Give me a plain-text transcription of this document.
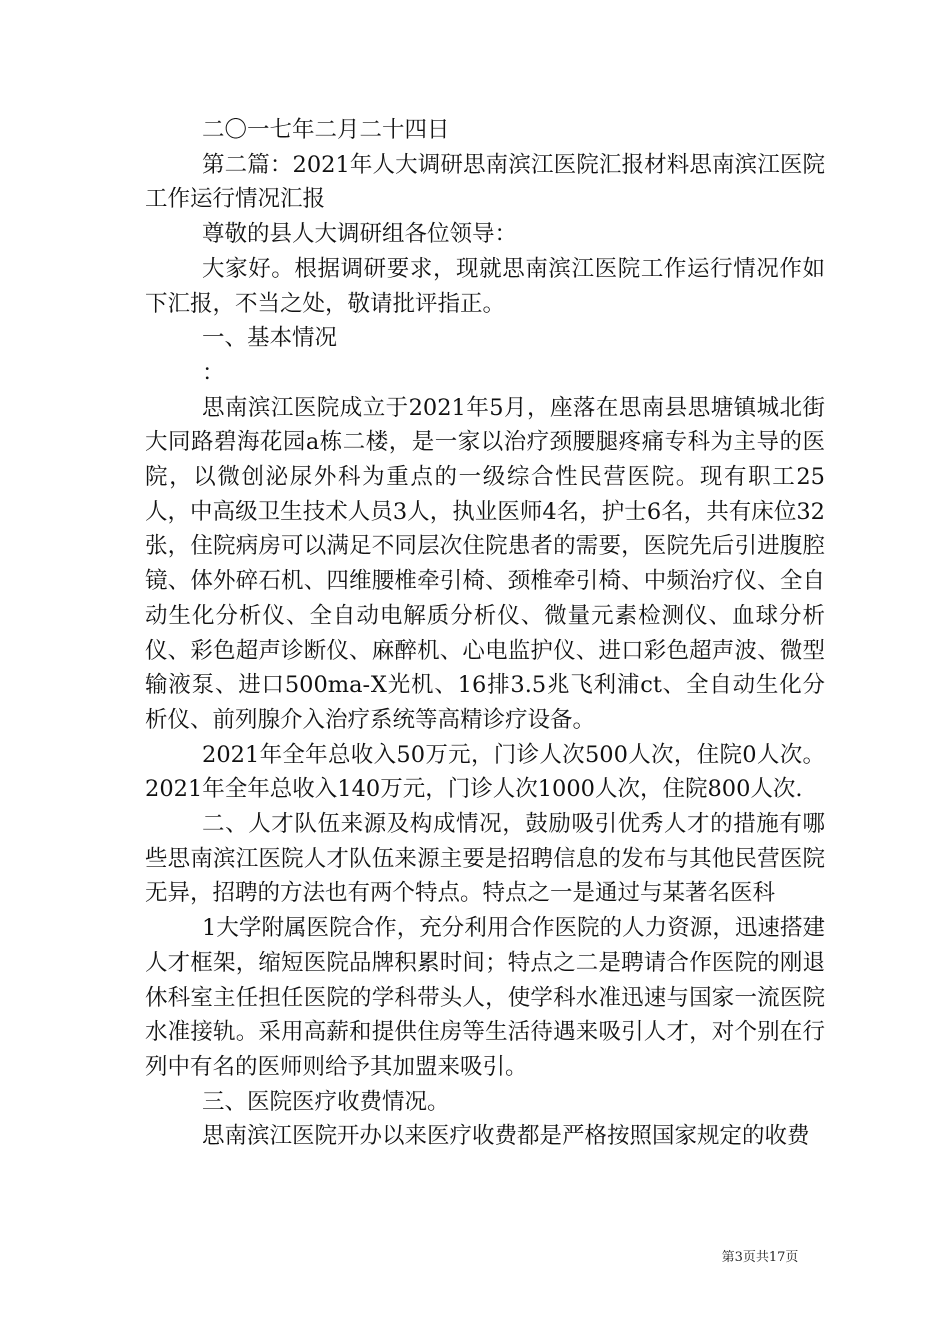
二〇一七年二月二十四日

第二篇：2021年人大调研思南滨江医院汇报材料思南滨江医院工作运行情况汇报

尊敬的县人大调研组各位领导：

大家好。根据调研要求，现就思南滨江医院工作运行情况作如下汇报，不当之处，敬请批评指正。

一、基本情况

：

思南滨江医院成立于2021年5月，座落在思南县思塘镇城北街大同路碧海花园a栋二楼，是一家以治疗颈腰腿疼痛专科为主导的医院，以微创泌尿外科为重点的一级综合性民营医院。现有职工25人，中高级卫生技术人员3人，执业医师4名，护士6名，共有床位32张，住院病房可以满足不同层次住院患者的需要，医院先后引进腹腔镜、体外碎石机、四维腰椎牵引椅、颈椎牵引椅、中频治疗仪、全自动生化分析仪、全自动电解质分析仪、微量元素检测仪、血球分析仪、彩色超声诊断仪、麻醉机、心电监护仪、进口彩色超声波、微型输液泵、进口500ma-Ⅹ光机、16排3.5兆飞利浦ct、全自动生化分析仪、前列腺介入治疗系统等高精诊疗设备。

2021年全年总收入50万元，门诊人次500人次，住院0人次。2021年全年总收入140万元，门诊人次1000人次，住院800人次.

二、人才队伍来源及构成情况，鼓励吸引优秀人才的措施有哪些思南滨江医院人才队伍来源主要是招聘信息的发布与其他民营医院无异，招聘的方法也有两个特点。特点之一是通过与某著名医科

1大学附属医院合作，充分利用合作医院的人力资源，迅速搭建人才框架，缩短医院品牌积累时间；特点之二是聘请合作医院的刚退休科室主任担任医院的学科带头人，使学科水准迅速与国家一流医院水准接轨。采用高薪和提供住房等生活待遇来吸引人才，对个别在行列中有名的医师则给予其加盟来吸引。

三、医院医疗收费情况。

思南滨江医院开办以来医疗收费都是严格按照国家规定的收费

第3页共17页
